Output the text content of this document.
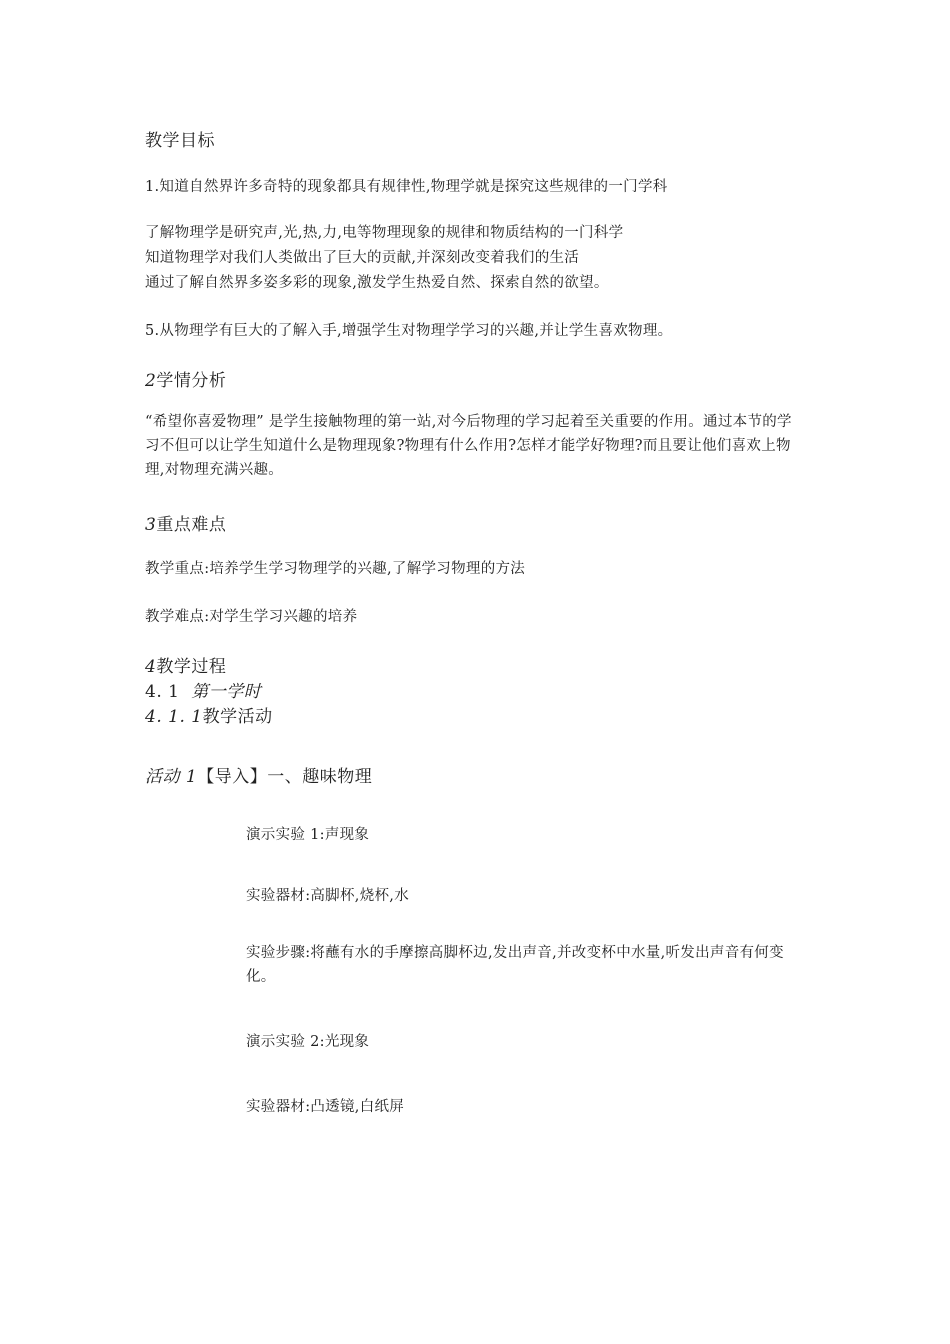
教学目标

1.知道自然界许多奇特的现象都具有规律性,物理学就是探究这些规律的一门学科

了解物理学是研究声,光,热,力,电等物理现象的规律和物质结构的一门科学

知道物理学对我们人类做出了巨大的贡献,并深刻改变着我们的生活

通过了解自然界多姿多彩的现象,激发学生热爱自然、探索自然的欲望。

5.从物理学有巨大的了解入手,增强学生对物理学学习的兴趣,并让学生喜欢物理。

2学情分析

“希望你喜爱物理” 是学生接触物理的第一站,对今后物理的学习起着至关重要的作用。通过本节的学习不但可以让学生知道什么是物理现象?物理有什么作用?怎样才能学好物理?而且要让他们喜欢上物理,对物理充满兴趣。

3重点难点

教学重点:培养学生学习物理学的兴趣,了解学习物理的方法

教学难点:对学生学习兴趣的培养

4教学过程

4. 1 第一学时

4. 1. 1教学活动

活动 1【导入】一、趣味物理

演示实验 1:声现象

实验器材:高脚杯,烧杯,水

实验步骤:将蘸有水的手摩擦高脚杯边,发出声音,并改变杯中水量,听发出声音有何变化。

演示实验 2:光现象

实验器材:凸透镜,白纸屏
